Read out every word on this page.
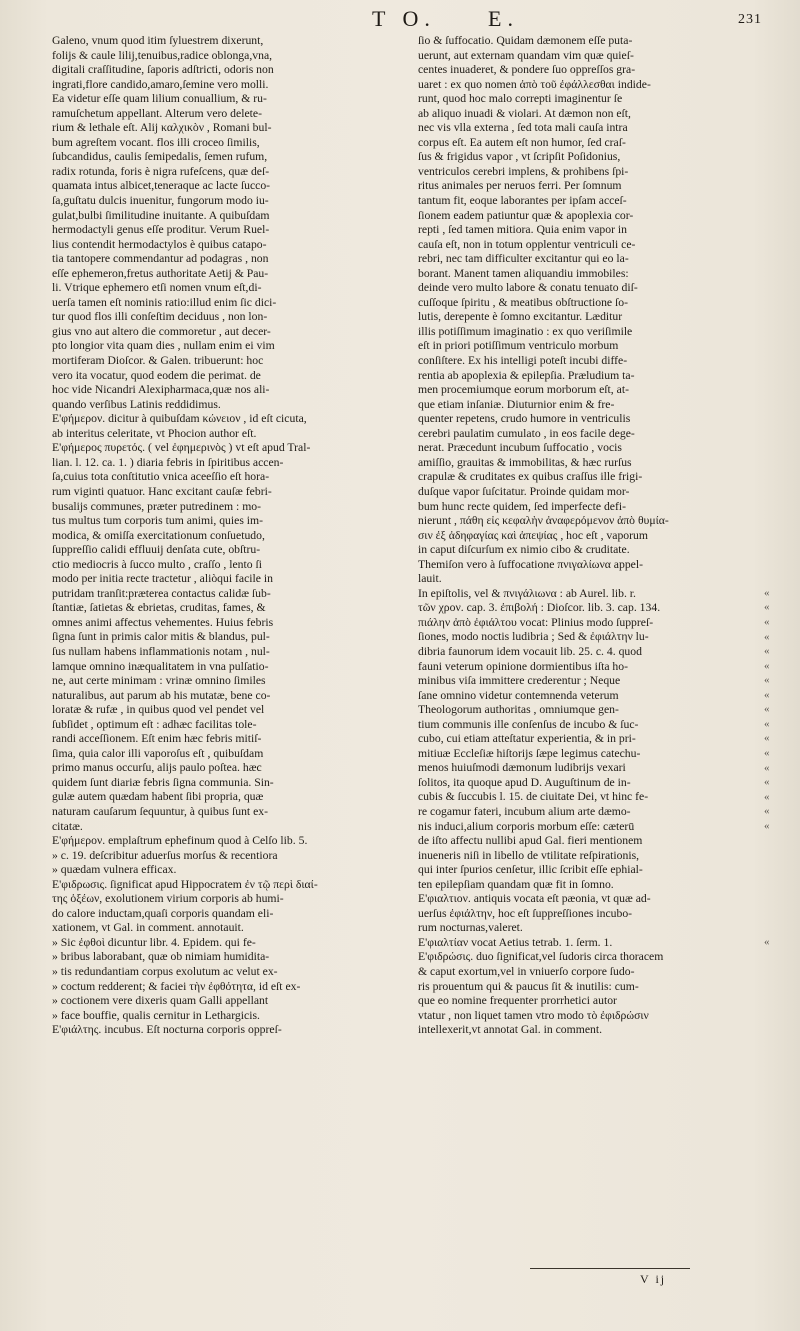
T O. E.	231
Galeno, vnum quod itim ſyluestrem dixerunt,
folijs & caule lilij,tenuibus,radice oblonga,vna,
digitali craſſitudine, ſaporis adſtricti, odoris non
ingrati,flore candido,amaro,ſemine vero molli.
Ea videtur eſſe quam lilium conuallium, & ru-
ramuſchetum appellant. Alterum vero delete-
rium & lethale eſt. Alij καλχικòν , Romani bul-
bum agreſtem vocant. flos illi croceo ſimilis,
ſubcandidus, caulis ſemipedalis, ſemen rufum,
radix rotunda, foris è nigra rufeſcens, quæ deſ-
quamata intus albicet,teneraque ac lacte ſucco-
ſa,guſtatu dulcis inuenitur, fungorum modo iu-
gulat,bulbi ſimilitudine inuitante. A quibuſdam
hermodactyli genus eſſe proditur. Verum Ruel-
lius contendit hermodactylos è quibus catapo-
tia tantopere commendantur ad podagras , non
eſſe ephemeron,fretus authoritate Aetij & Pau-
li. Vtrique ephemero etſi nomen vnum eſt,di-
uerſa tamen eſt nominis ratio:illud enim ſic dici-
tur quod flos illi conſeſtim deciduus , non lon-
gius vno aut altero die commoretur , aut decer-
pto longior vita quam dies , nullam enim ei vim
mortiferam Dioſcor. & Galen. tribuerunt: hoc
vero ita vocatur, quod eodem die perimat. de
hoc vide Nicandri Alexipharmaca,quæ nos ali-
quando verſibus Latinis reddidimus.
E'φήμερον. dicitur à quibuſdam κώνειον , id eſt cicuta,
ab interitus celeritate, vt Phocion author eſt.
E'φήμερος πυρετός. ( vel ἐφημερινὸς ) vt eſt apud Tral-
lian. l. 12. ca. 1. ) diaria febris in ſpiritibus accen-
ſa,cuius tota conſtitutio vnica aceeſſio eſt hora-
rum viginti quatuor. Hanc excitant cauſæ febri-
busalijs communes, præter putredinem : mo-
tus multus tum corporis tum animi, quies im-
modica, & omiſſa exercitationum conſuetudo,
ſuppreſſio calidi effluuij denſata cute, obſtru-
ctio mediocris à ſucco multo , craſſo , lento ſi
modo per initia recte tractetur , aliòqui facile in
putridam tranſit:præterea contactus calidæ ſub-
ſtantiæ, ſatietas & ebrietas, cruditas, fames, &
omnes animi affectus vehementes. Huius febris
ſigna ſunt in primis calor mitis & blandus, pul-
ſus nullam habens inflammationis notam , nul-
lamque omnino inæqualitatem in vna pulſatio-
ne, aut certe minimam : vrinæ omnino ſimiles
naturalibus, aut parum ab his mutatæ, bene co-
loratæ & rufæ , in quibus quod vel pendet vel
ſubſidet , optimum eſt : adhæc facilitas tole-
randi acceſſionem. Eſt enim hæc febris mitiſ-
ſima, quia calor illi vaporoſus eſt , quibuſdam
primo manus occurſu, alijs paulo poſtea. hæc
quidem ſunt diariæ febris ſigna communia. Sin-
gulæ autem quædam habent ſibi propria, quæ
naturam cauſarum ſequuntur, à quibus ſunt ex-
citatæ.
E'φήμερον. emplaſtrum ephefinum quod à Celſo lib. 5.
» c. 19. deſcribitur aduerſus morſus & recentiora
» quædam vulnera efficax.
E'φιδρωσις. ſignificat apud Hippocratem ἐν τῷ περὶ διαί-
της ὀξέων, exolutionem virium corporis ab humi-
do calore inductam,quaſi corporis quandam eli-
xationem, vt Gal. in comment. annotauit.
» Sic ἐφθοὶ dicuntur libr. 4. Epidem. qui fe-
» bribus laborabant, quæ ob nimiam humidita-
» tis redundantiam corpus exolutum ac velut ex-
» coctum redderent; & faciei τὴν ἐφθότητα, id eſt ex-
» coctionem vere dixeris quam Galli appellant
» face bouffie, qualis cernitur in Lethargicis.
E'φιάλτης. incubus. Eſt nocturna corporis oppreſ-
ſio & ſuffocatio. Quidam dæmonem eſſe puta-
uerunt, aut externam quandam vim quæ quieſ-
centes inuaderet, & pondere ſuo oppreſſos gra-
uaret : ex quo nomen ἀπὸ τοῦ ἐφάλλεσθαι indide-
runt, quod hoc malo correpti imaginentur ſe
ab aliquo inuadi & violari. At dæmon non eſt,
nec vis vlla externa , ſed tota mali cauſa intra
corpus eſt. Ea autem eſt non humor, ſed craſ-
ſus & frigidus vapor , vt ſcripſit Poſidonius,
ventriculos cerebri implens, & prohibens ſpi-
ritus animales per neruos ferri. Per ſomnum
tantum fit, eoque laborantes per ipſam acceſ-
ſionem eadem patiuntur quæ & apoplexia cor-
repti , ſed tamen mitiora. Quia enim vapor in
cauſa eſt, non in totum opplentur ventriculi ce-
rebri, nec tam difficulter excitantur qui eo la-
borant. Manent tamen aliquandiu immobiles:
deinde vero multo labore & conatu tenuato diſ-
cuſſoque ſpiritu , & meatibus obſtructione ſo-
lutis, derepente è ſomno excitantur. Læditur
illis potiſſimum imaginatio : ex quo veriſimile
eſt in priori potiſſimum ventriculo morbum
conſiſtere. Ex his intelligi poteſt incubi diffe-
rentia ab apoplexia & epilepſia. Præludium ta-
men procemiumque eorum morborum eſt, at-
que etiam inſaniæ. Diuturnior enim & fre-
quenter repetens, crudo humore in ventriculis
cerebri paulatim cumulato , in eos facile dege-
nerat. Præcedunt incubum ſuffocatio , vocis
amiſſio, grauitas & immobilitas, & hæc rurſus
crapulæ & cruditates ex quibus craſſus ille frigi-
duſque vapor ſuſcitatur. Proinde quidam mor-
bum hunc recte quidem, ſed imperfecte defi-
nierunt , πάθη εἰς κεφαλὴν ἀναφερόμενον ἀπὸ θυμία-
σιν ἐξ ἀδηφαγίας καὶ ἀπεψίας , hoc eſt , vaporum
in caput diſcurſum ex nimio cibo & cruditate.
Themiſon vero à ſuffocatione πνιγαλίωνα appel-
lauit.
In epiſtolis, vel & πνιγάλιωνα : ab Aurel. lib. r.
τῶν χρον. cap. 3. ἐπιβολή : Dioſcor. lib. 3. cap. 134.
πιάλην ἀπὸ ἐφιάλτου vocat: Plinius modo ſuppreſ-
ſiones, modo noctis ludibria ; Sed & ἐφιάλτην lu-
dibria faunorum idem vocauit lib. 25. c. 4. quod
fauni veterum opinione dormientibus iſta ho-
minibus viſa immittere crederentur ; Neque
ſane omnino videtur contemnenda veterum
Theologorum authoritas , omniumque gen-
tium communis ille conſenſus de incubo & ſuc-
cubo, cui etiam atteſtatur experientia, & in pri-
mitiuæ Eccleſiæ hiſtorijs ſæpe legimus catechu-
menos huiuſmodi dæmonum ludibrijs vexari
ſolitos, ita quoque apud D. Auguſtinum de in-
cubis & ſuccubis l. 15. de ciuitate Dei, vt hinc fe-
re cogamur fateri, incubum alium arte dæmo-
nis induci,alium corporis morbum eſſe: cæterū
de iſto affectu nullibi apud Gal. fieri mentionem
inueneris niſi in libello de vtilitate reſpirationis,
qui inter ſpurios cenſetur, illic ſcribit eſſe ephial-
ten epilepſiam quandam quæ fit in ſomno.
E'φιαλτιον. antiquis vocata eſt pæonia, vt quæ ad-
uerſus ἐφιάλτην, hoc eſt ſuppreſſiones incubo-
rum nocturnas,valeret.
E'φιαλτίαν vocat Aetius tetrab. 1. ſerm. 1.
E'φιδρώσις. duo ſignificat,vel ſudoris circa thoracem
& caput exortum,vel in vniuerſo corpore ſudo-
ris prouentum qui & paucus ſit & inutilis: cum-
que eo nomine frequenter prorrhetici autor
vtatur , non liquet tamen vtro modo τὸ ἐφιδρώσιν
intellexerit,vt annotat Gal. in comment.
«
«
«
«
«
«
«
«
«
«
«
«
«
«
«
«
«
«
V ij
